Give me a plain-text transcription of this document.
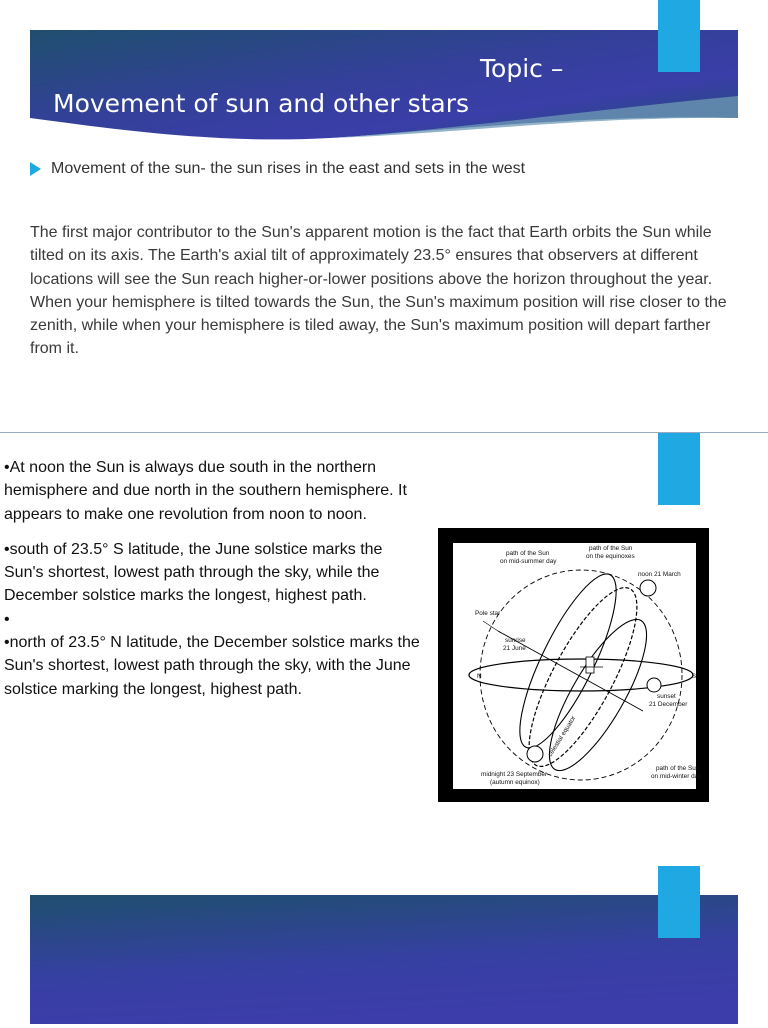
Topic –
Movement of sun and other stars
Movement of the sun- the sun rises in the east and sets in the west

The first major contributor to the Sun's apparent motion is the fact that Earth orbits the Sun while tilted on its axis. The Earth's axial tilt of approximately 23.5° ensures that observers at different locations will see the Sun reach higher-or-lower positions above the horizon throughout the year. When your hemisphere is tilted towards the Sun, the Sun's maximum position will rise closer to the zenith, while when your hemisphere is tiled away, the Sun's maximum position will depart farther from it.

•At noon the Sun is always due south in the northern hemisphere and due north in the southern hemisphere. It appears to make one revolution from noon to noon.

•south of 23.5° S latitude, the June solstice marks the Sun's shortest, lowest path through the sky, while the December solstice marks the longest, highest path.

•

•north of 23.5° N latitude, the December solstice marks the Sun's shortest, lowest path through the sky, with the June solstice marking the longest, highest path.

path of the Sun
on mid-summer day
path of the Sun
on the equinoxes
noon 21 March
Pole star
sunrise
21 June
N	S
sunset
21 December
celestial equator
midnight 23 September
(autumn equinox)
path of the Sun
on mid-winter day
